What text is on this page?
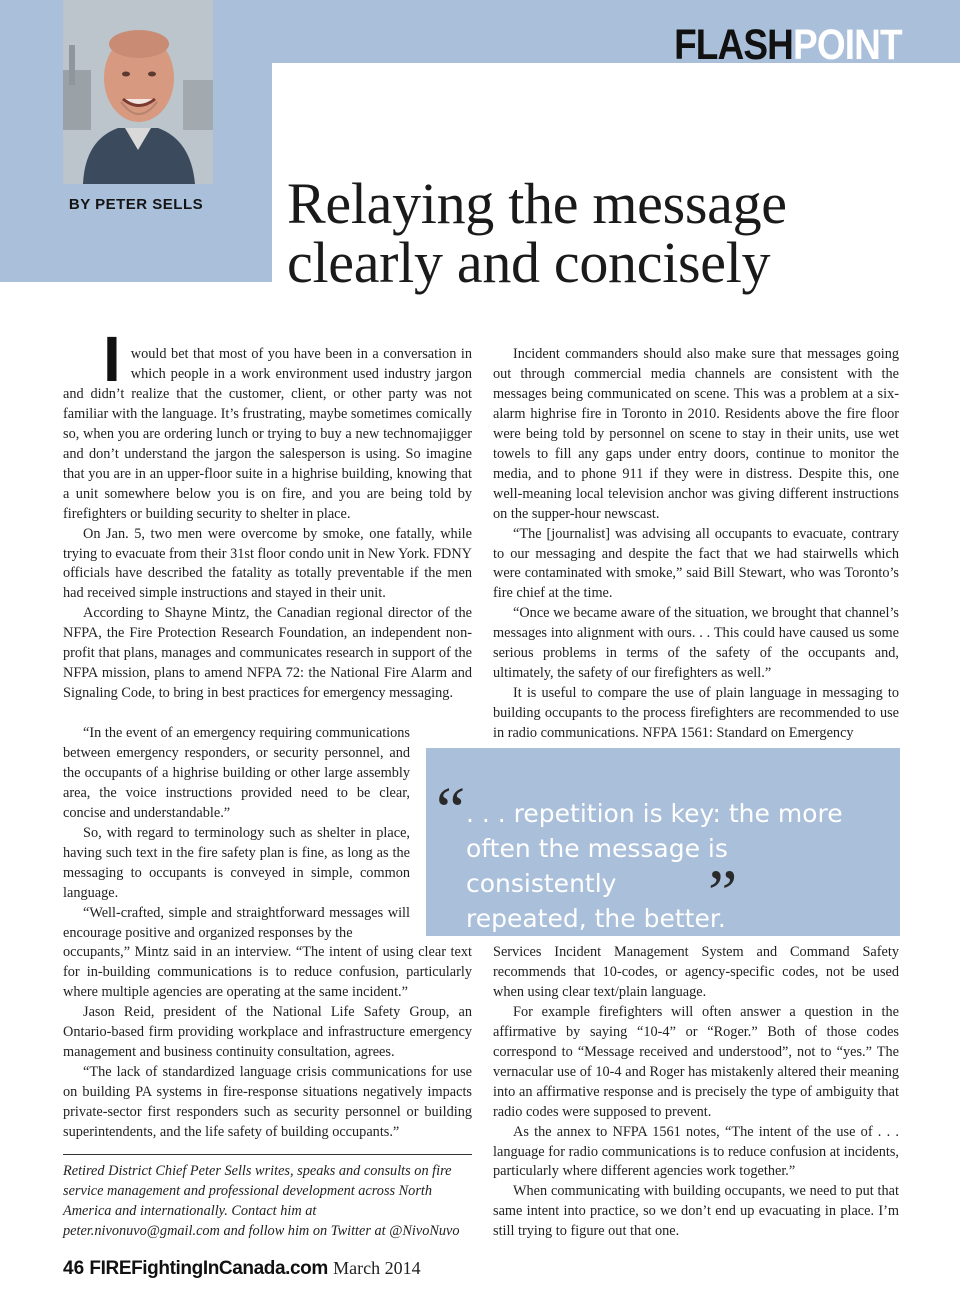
BY PETER SELLS
FLASHPOINT
Relaying the message
clearly and concisely

Iwould bet that most of you have been in a conversation in which people in a work environment used industry jargon and didn’t realize that the customer, client, or other party was not familiar with the language. It’s frustrating, maybe sometimes comically so, when you are ordering lunch or trying to buy a new technomajigger and don’t understand the jargon the salesperson is using. So imagine that you are in an upper-floor suite in a highrise building, knowing that a unit somewhere below you is on fire, and you are being told by firefighters or building security to shelter in place.

On Jan. 5, two men were overcome by smoke, one fatally, while trying to evacuate from their 31st floor condo unit in New York. FDNY officials have described the fatality as totally preventable if the men had received simple instructions and stayed in their unit.

According to Shayne Mintz, the Canadian regional director of the NFPA, the Fire Protection Research Foundation, an independent non-profit that plans, manages and communicates research in support of the NFPA mission, plans to amend NFPA 72: the National Fire Alarm and Signaling Code, to bring in best practices for emergency messaging.

“In the event of an emergency requiring communications between emergency responders, or security personnel, and the occupants of a highrise building or other large assembly area, the voice instructions provided need to be clear, concise and understandable.”

So, with regard to terminology such as shelter in place, having such text in the fire safety plan is fine, as long as the messaging to occupants is conveyed in simple, common language.

“Well-crafted, simple and straightforward messages will encourage positive and organized responses by the

occupants,” Mintz said in an interview. “The intent of using clear text for in-building communications is to reduce confusion, particularly where multiple agencies are operating at the same incident.”

Jason Reid, president of the National Life Safety Group, an Ontario-based firm providing workplace and infrastructure emergency management and business continuity consultation, agrees.

“The lack of standardized language crisis communications for use on building PA systems in fire-response situations negatively impacts private-sector first responders such as security personnel or building superintendents, and the life safety of building occupants.”

Incident commanders should also make sure that messages going out through commercial media channels are consistent with the messages being communicated on scene. This was a problem at a six-alarm highrise fire in Toronto in 2010. Residents above the fire floor were being told by personnel on scene to stay in their units, use wet towels to fill any gaps under entry doors, continue to monitor the media, and to phone 911 if they were in distress. Despite this, one well-meaning local television anchor was giving different instructions on the supper-hour newscast.

“The [journalist] was advising all occupants to evacuate, contrary to our messaging and despite the fact that we had stairwells which were contaminated with smoke,” said Bill Stewart, who was Toronto’s fire chief at the time.

“Once we became aware of the situation, we brought that channel’s messages into alignment with ours. . . This could have caused us some serious problems in terms of the safety of the occupants and, ultimately, the safety of our firefighters as well.”

It is useful to compare the use of plain language in messaging to building occupants to the process firefighters are recommended to use in radio communications. NFPA 1561: Standard on Emergency

“ . . . repetition is key: the more
often the message is consistently
repeated, the better.
”

Services Incident Management System and Command Safety recommends that 10-codes, or agency-specific codes, not be used when using clear text/plain language.

For example firefighters will often answer a question in the affirmative by saying “10-4” or “Roger.” Both of those codes correspond to “Message received and understood”, not to “yes.” The vernacular use of 10-4 and Roger has mistakenly altered their meaning into an affirmative response and is precisely the type of ambiguity that radio codes were supposed to prevent.

As the annex to NFPA 1561 notes, “The intent of the use of . . . language for radio communications is to reduce confusion at incidents, particularly where different agencies work together.”

When communicating with building occupants, we need to put that same intent into practice, so we don’t end up evacuating in place. I’m still trying to figure out that one.

Retired District Chief Peter Sells writes, speaks and consults on fire service management and professional development across North America and internationally. Contact him at peter.nivonuvo@gmail.com and follow him on Twitter at @NivoNuvo

46 FIREFightingInCanada.com March 2014
